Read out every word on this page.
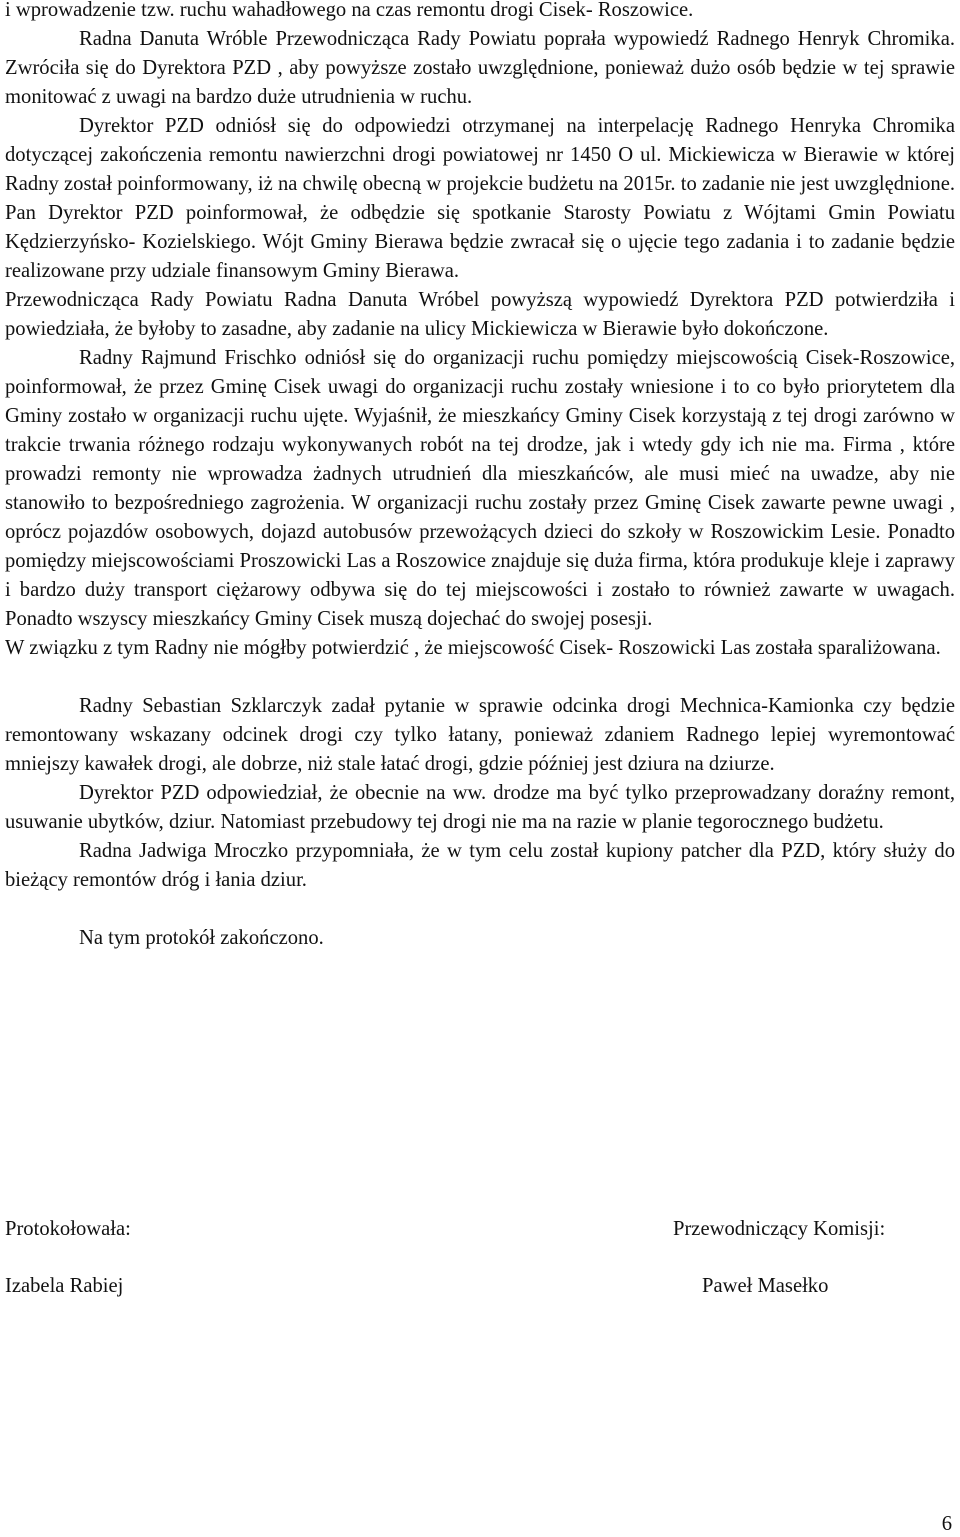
i wprowadzenie tzw. ruchu wahadłowego na czas remontu drogi Cisek- Roszowice.

Radna Danuta Wróble Przewodnicząca Rady Powiatu poprała wypowiedź Radnego Henryk Chromika. Zwróciła się do Dyrektora PZD , aby powyższe zostało uwzględnione, ponieważ dużo osób będzie w tej sprawie monitować z uwagi na bardzo duże utrudnienia w ruchu.

Dyrektor PZD odniósł się do odpowiedzi otrzymanej na interpelację Radnego Henryka Chromika dotyczącej zakończenia remontu nawierzchni drogi powiatowej nr 1450 O ul. Mickiewicza w Bierawie w której Radny został poinformowany, iż na chwilę obecną w projekcie budżetu na 2015r. to zadanie nie jest uwzględnione. Pan Dyrektor PZD poinformował, że odbędzie się spotkanie Starosty Powiatu z Wójtami Gmin Powiatu Kędzierzyńsko- Kozielskiego. Wójt Gminy Bierawa będzie zwracał się o ujęcie tego zadania i to zadanie będzie realizowane przy udziale finansowym Gminy Bierawa.

Przewodnicząca Rady Powiatu Radna Danuta Wróbel powyższą wypowiedź Dyrektora PZD potwierdziła i powiedziała, że byłoby to zasadne, aby zadanie na ulicy Mickiewicza w Bierawie było dokończone.

Radny Rajmund Frischko odniósł się do organizacji ruchu pomiędzy miejscowością Cisek-Roszowice, poinformował, że przez Gminę Cisek uwagi do organizacji ruchu zostały wniesione i to co było priorytetem dla Gminy zostało w organizacji ruchu ujęte. Wyjaśnił, że mieszkańcy Gminy Cisek korzystają z tej drogi zarówno w trakcie trwania różnego rodzaju wykonywanych robót na tej drodze, jak i wtedy gdy ich nie ma. Firma , które prowadzi remonty nie wprowadza żadnych utrudnień dla mieszkańców, ale musi mieć na uwadze, aby nie stanowiło to bezpośredniego zagrożenia. W organizacji ruchu zostały przez Gminę Cisek zawarte pewne uwagi , oprócz pojazdów osobowych, dojazd autobusów przewożących dzieci do szkoły w Roszowickim Lesie. Ponadto pomiędzy miejscowościami Proszowicki Las a Roszowice znajduje się duża firma, która produkuje kleje i zaprawy i bardzo duży transport ciężarowy odbywa się do tej miejscowości i zostało to również zawarte w uwagach. Ponadto wszyscy mieszkańcy Gminy Cisek muszą dojechać do swojej posesji.

W związku z tym Radny nie mógłby potwierdzić , że miejscowość Cisek- Roszowicki Las została sparaliżowana.

Radny Sebastian Szklarczyk zadał pytanie w sprawie odcinka drogi Mechnica-Kamionka czy będzie remontowany wskazany odcinek drogi czy tylko łatany, ponieważ zdaniem Radnego lepiej wyremontować mniejszy kawałek drogi, ale dobrze, niż stale łatać drogi, gdzie później jest dziura na dziurze.

Dyrektor PZD odpowiedział, że obecnie na ww. drodze ma być tylko przeprowadzany doraźny remont, usuwanie ubytków, dziur. Natomiast przebudowy tej drogi nie ma na razie w planie tegorocznego budżetu.

Radna Jadwiga Mroczko przypomniała, że w tym celu został kupiony patcher dla PZD, który służy do bieżący remontów dróg i łania dziur.

Na tym protokół zakończono.

Protokołowała:	Przewodniczący Komisji:
Izabela Rabiej	Paweł Masełko
6
